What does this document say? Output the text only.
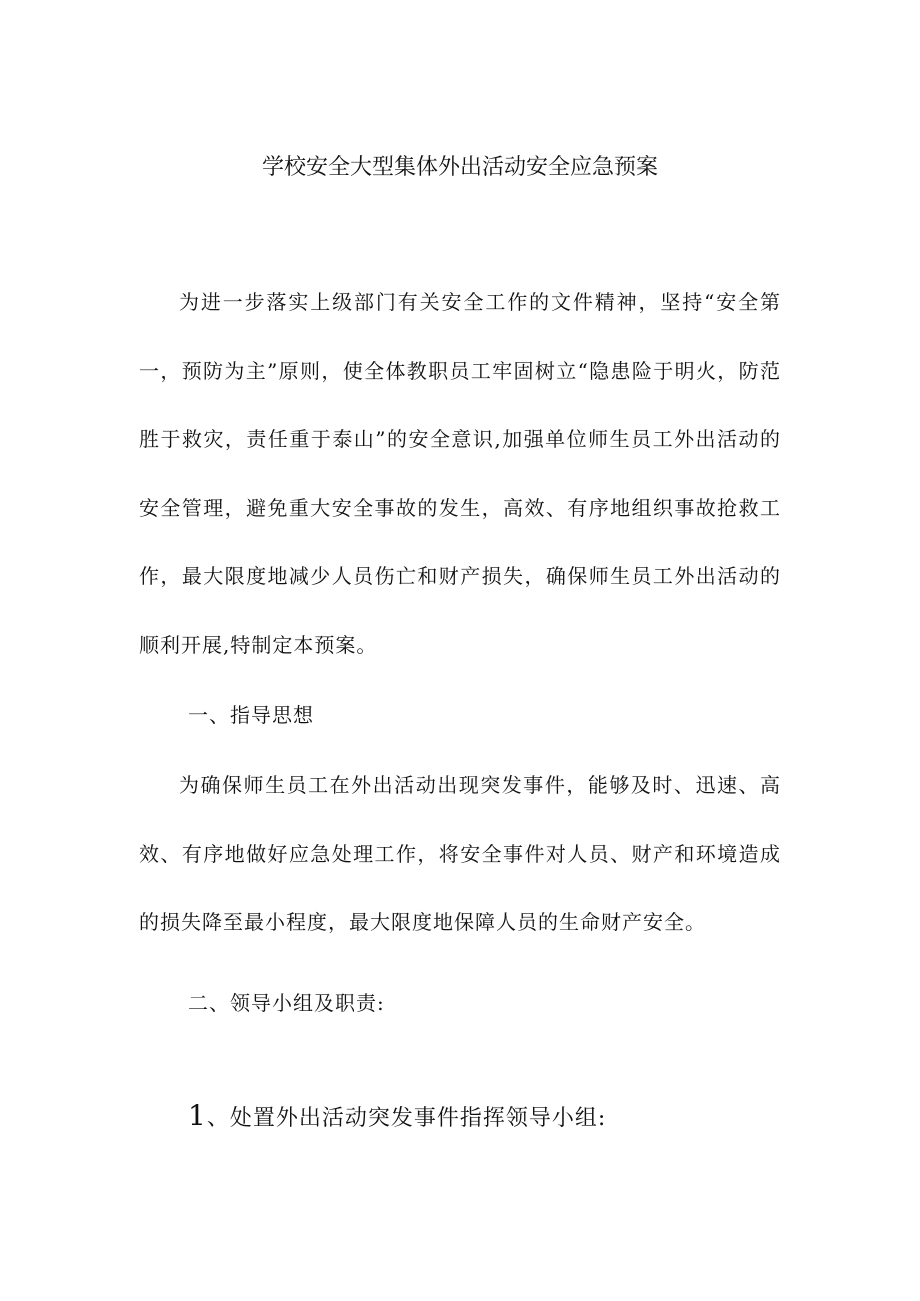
学校安全大型集体外出活动安全应急预案
为进一步落实上级部门有关安全工作的文件精神，坚持“安全第一，预防为主”原则，使全体教职员工牢固树立“隐患险于明火，防范胜于救灾，责任重于泰山”的安全意识,加强单位师生员工外出活动的安全管理，避免重大安全事故的发生，高效、有序地组织事故抢救工作，最大限度地减少人员伤亡和财产损失，确保师生员工外出活动的顺利开展,特制定本预案。
一、指导思想
为确保师生员工在外出活动出现突发事件，能够及时、迅速、高效、有序地做好应急处理工作，将安全事件对人员、财产和环境造成的损失降至最小程度，最大限度地保障人员的生命财产安全。
二、领导小组及职责:
1、处置外出活动突发事件指挥领导小组:
